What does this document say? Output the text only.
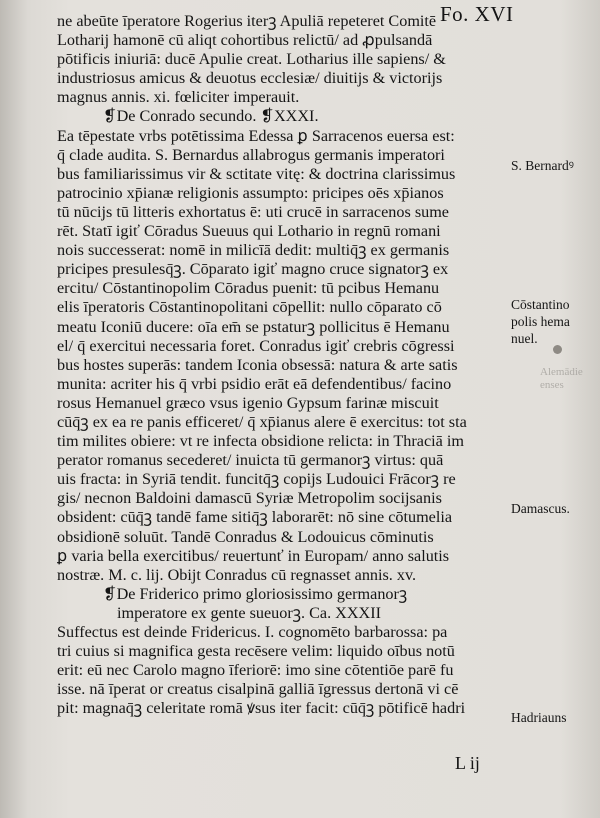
Fo. XVI
ne abeūte īperatore Rogerius iterꝫ Apuliā repeteret Comitē
Lotharij hamonē cū aliqt cohortibus relictū/ ad ꝓpulsandā
pōtificis iniuriā: ducē Apulie creat. Lotharius ille sapiens/ &
industriosus amicus & deuotus ecclesiæ/ diuitijs & victorijs
magnus annis. xi. fœliciter imperauit.
❡De Conrado secundo. ❡XXXI.
Ea tēpestate vrbs potētissima Edessa ꝑ Sarracenos euersa est:
q̄ clade audita. S. Bernardus allabrogus germanis imperatori
bus familiarissimus vir & sctitate vitę: & doctrina clarissimus
patrocinio xp̄ianæ religionis assumpto: pricipes oēs xp̄ianos
tū nūcijs tū litteris exhortatus ē: uti crucē in sarracenos sume
rēt. Statī igiť Cōradus Sueuus qui Lothario in regnū romani
nois successerat: nomē in milicīā dedit: multiq̄ꝫ ex germanis
pricipes presulesq̄ꝫ. Cōparato igiť magno cruce signatorꝫ ex
ercitu/ Cōstantinopolim Cōradus puenit: tū pcibus Hemanu
elis īperatoris Cōstantinopolitani cōpellit: nullo cōparato cō
meatu Iconiū ducere: oīa em̄ se pstaturꝫ pollicitus ē Hemanu
el/ q̄ exercitui necessaria foret. Conradus igiť crebris cōgressi
bus hostes superās: tandem Iconia obsessā: natura & arte satis
munita: acriter his q̄ vrbi psidio erāt eā defendentibus/ facino
rosus Hemanuel græco vsus igenio Gypsum farinæ miscuit
cūq̄ꝫ ex ea re panis efficeret/ q̄ xp̄ianus alere ē exercitus: tot sta
tim milites obiere: vt re infecta obsidione relicta: in Thraciā im
perator romanus secederet/ inuicta tū germanorꝫ virtus: quā
uis fracta: in Syriā tendit. funcitq̄ꝫ copijs Ludouici Frācorꝫ re
gis/ necnon Baldoini damascū Syriæ Metropolim socijsanis
obsident: cūq̄ꝫ tandē fame sitiq̄ꝫ laborarēt: nō sine cōtumelia
obsidionē soluūt. Tandē Conradus & Lodouicus cōminutis
ꝑ varia bella exercitibus/ reuertunť in Europam/ anno salutis
nostræ. M. c. lij. Obijt Conradus cū regnasset annis. xv.
❡De Friderico primo gloriosissimo germanorꝫ
imperatore ex gente sueuorꝫ. Ca. XXXII
Suffectus est deinde Fridericus. I. cognomēto barbarossa: pa
tri cuius si magnifica gesta recēsere velim: liquido oībus notū
erit: eū nec Carolo magno īferiorē: imo sine cōtentiōe parē fu
isse. nā īperat or creatus cisalpinā galliā īgressus dertonā vi cē
pit: magnaq̄ꝫ celeritate romā ꝟsus iter facit: cūq̄ꝫ pōtificē hadri
S. Bernardꝰ
Cōstantino
polis hema
nuel.
Damascus.
Hadriauns
Alemādie
enses
L ij
